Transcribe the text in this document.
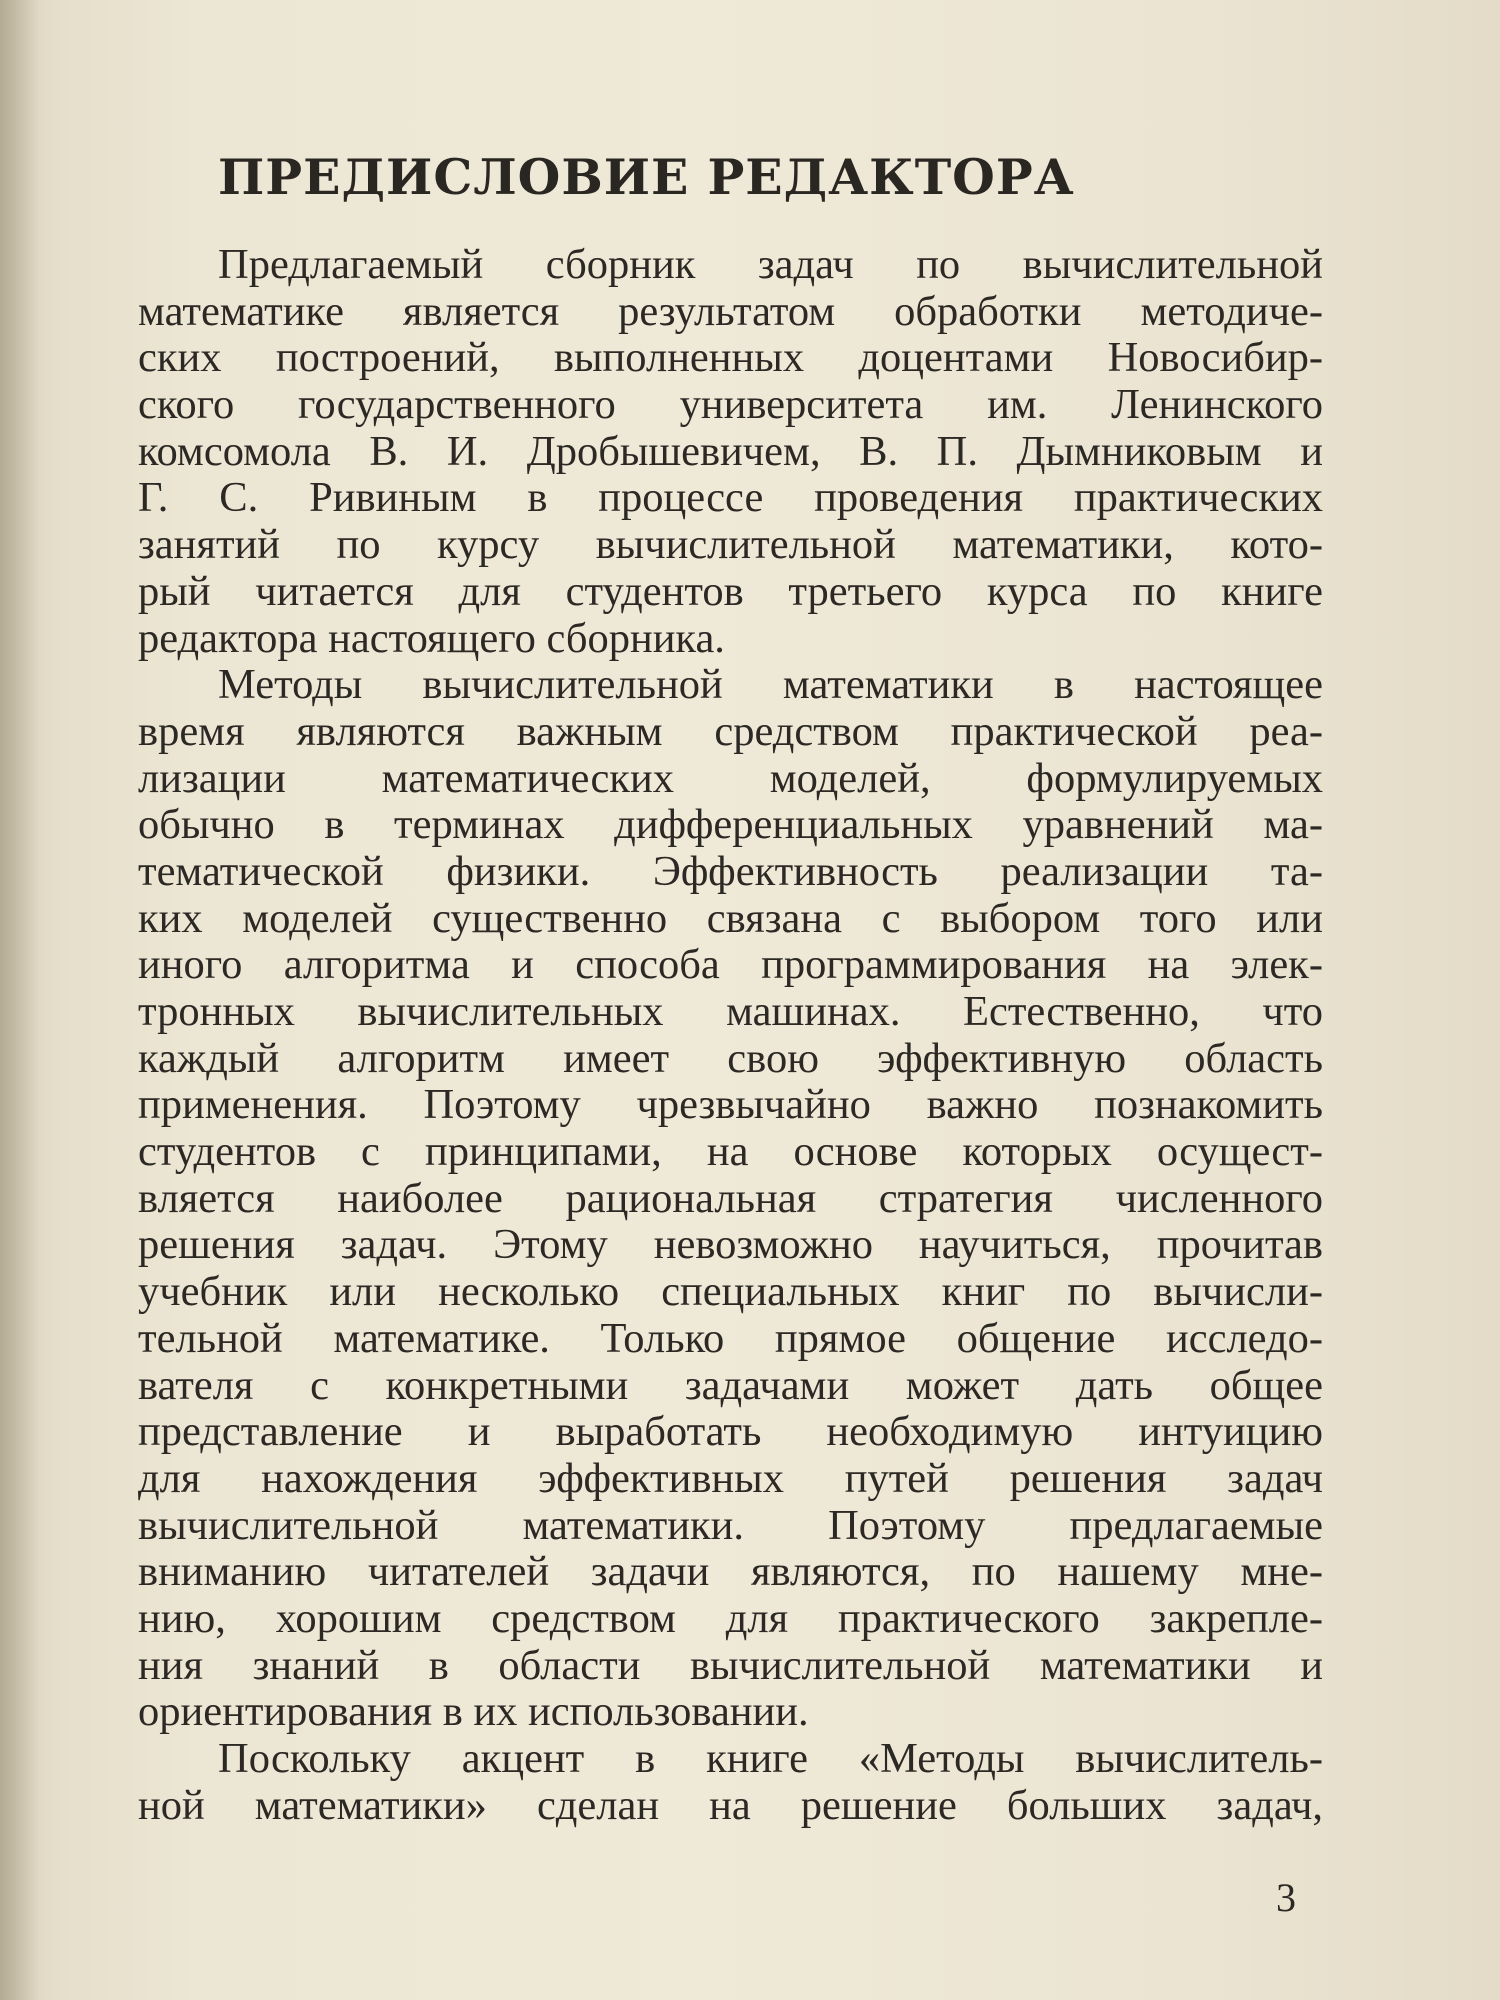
ПРЕДИСЛОВИЕ РЕДАКТОРА

Предлагаемый сборник задач по вычислительной
математике является результатом обработки методиче-
ских построений, выполненных доцентами Новосибир-
ского государственного университета им. Ленинского
комсомола В. И. Дробышевичем, В. П. Дымниковым и
Г. С. Ривиным в процессе проведения практических
занятий по курсу вычислительной математики, кото-
рый читается для студентов третьего курса по книге
редактора настоящего сборника.

Методы вычислительной математики в настоящее
время являются важным средством практической реа-
лизации математических моделей, формулируемых
обычно в терминах дифференциальных уравнений ма-
тематической физики. Эффективность реализации та-
ких моделей существенно связана с выбором того или
иного алгоритма и способа программирования на элек-
тронных вычислительных машинах. Естественно, что
каждый алгоритм имеет свою эффективную область
применения. Поэтому чрезвычайно важно познакомить
студентов с принципами, на основе которых осущест-
вляется наиболее рациональная стратегия численного
решения задач. Этому невозможно научиться, прочитав
учебник или несколько специальных книг по вычисли-
тельной математике. Только прямое общение исследо-
вателя с конкретными задачами может дать общее
представление и выработать необходимую интуицию
для нахождения эффективных путей решения задач
вычислительной математики. Поэтому предлагаемые
вниманию читателей задачи являются, по нашему мне-
нию, хорошим средством для практического закрепле-
ния знаний в области вычислительной математики и
ориентирования в их использовании.

Поскольку акцент в книге «Методы вычислитель-
ной математики» сделан на решение больших задач,

3
